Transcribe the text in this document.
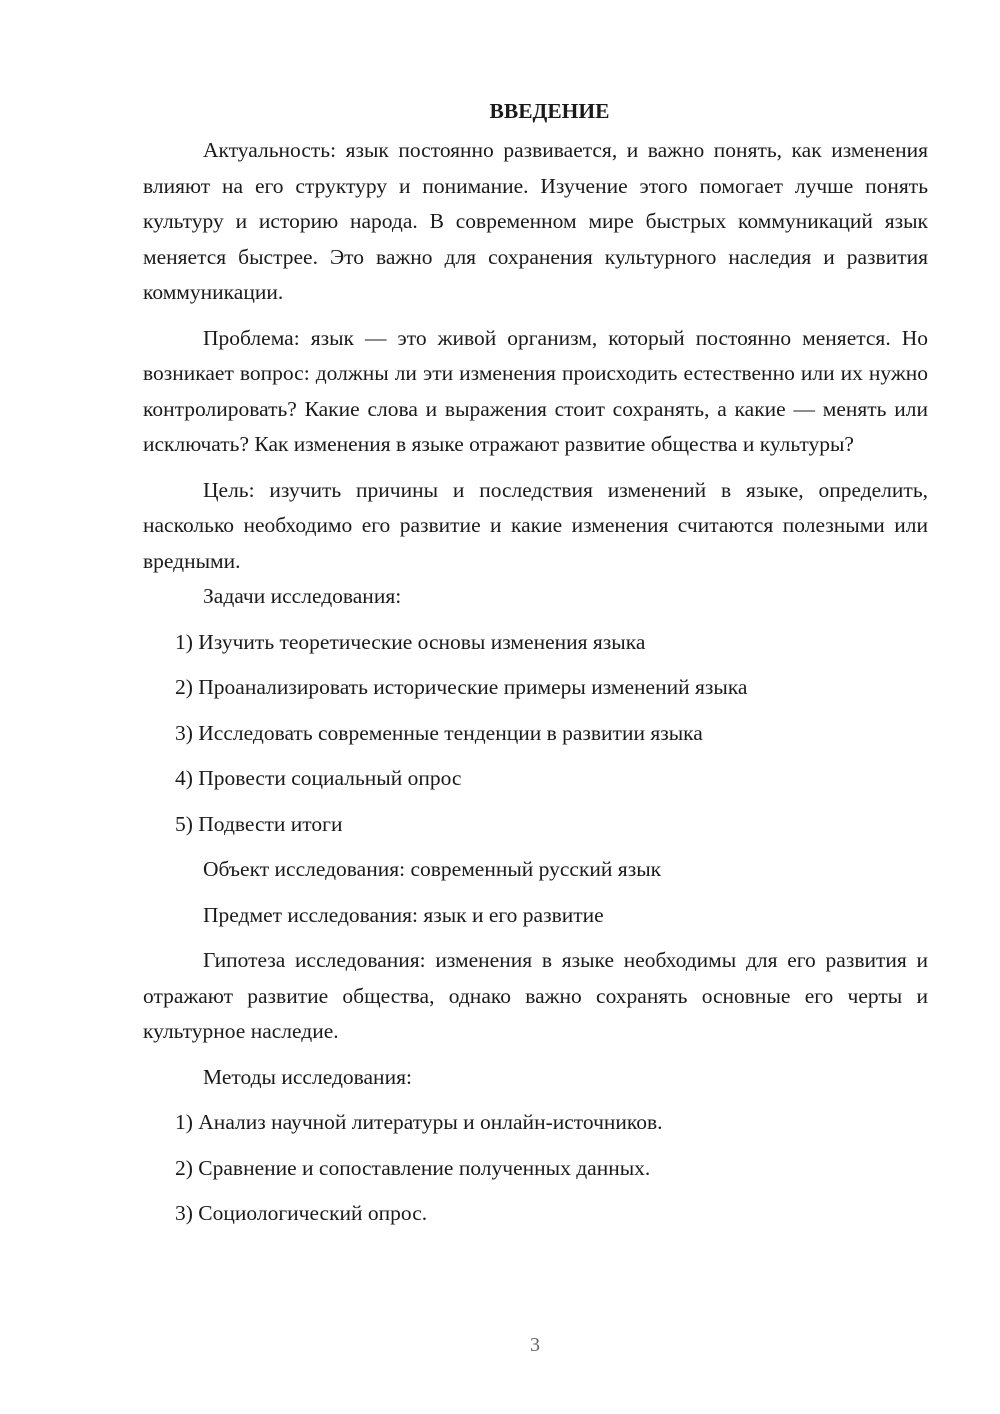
ВВЕДЕНИЕ

Актуальность: язык постоянно развивается, и важно понять, как изменения влияют на его структуру и понимание. Изучение этого помогает лучше понять культуру и историю народа. В современном мире быстрых коммуникаций язык меняется быстрее. Это важно для сохранения культурного наследия и развития коммуникации.

Проблема: язык — это живой организм, который постоянно меняется. Но возникает вопрос: должны ли эти изменения происходить естественно или их нужно контролировать? Какие слова и выражения стоит сохранять, а какие — менять или исключать? Как изменения в языке отражают развитие общества и культуры?

Цель: изучить причины и последствия изменений в языке, определить, насколько необходимо его развитие и какие изменения считаются полезными или вредными.

Задачи исследования:

1) Изучить теоретические основы изменения языка

2) Проанализировать исторические примеры изменений языка

3) Исследовать современные тенденции в развитии языка

4) Провести социальный опрос

5) Подвести итоги

Объект исследования: современный русский язык

Предмет исследования: язык и его развитие

Гипотеза исследования: изменения в языке необходимы для его развития и отражают развитие общества, однако важно сохранять основные его черты и культурное наследие.

Методы исследования:

1) Анализ научной литературы и онлайн-источников.

2) Сравнение и сопоставление полученных данных.

3) Социологический опрос.

3
